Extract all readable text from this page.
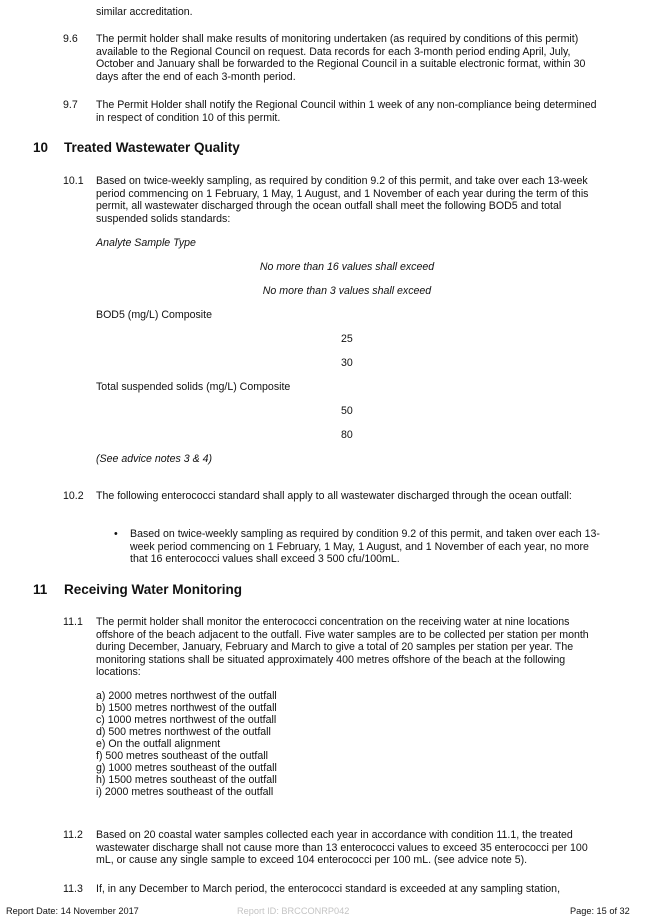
similar accreditation.
9.6 The permit holder shall make results of monitoring undertaken (as required by conditions of this permit) available to the Regional Council on request. Data records for each 3-month period ending April, July, October and January shall be forwarded to the Regional Council in a suitable electronic format, within 30 days after the end of each 3-month period.
9.7 The Permit Holder shall notify the Regional Council within 1 week of any non-compliance being determined in respect of condition 10 of this permit.
10 Treated Wastewater Quality
10.1 Based on twice-weekly sampling, as required by condition 9.2 of this permit, and take over each 13-week period commencing on 1 February, 1 May, 1 August, and 1 November of each year during the term of this permit, all wastewater discharged through the ocean outfall shall meet the following BOD5 and total suspended solids standards:
Analyte Sample Type
No more than 16 values shall exceed
No more than 3 values shall exceed
BOD5 (mg/L) Composite
25
30
Total suspended solids (mg/L) Composite
50
80
(See advice notes 3 & 4)
10.2 The following enterococci standard shall apply to all wastewater discharged through the ocean outfall:
• Based on twice-weekly sampling as required by condition 9.2 of this permit, and taken over each 13-week period commencing on 1 February, 1 May, 1 August, and 1 November of each year, no more that 16 enterococci values shall exceed 3 500 cfu/100mL.
11 Receiving Water Monitoring
11.1 The permit holder shall monitor the enterococci concentration on the receiving water at nine locations offshore of the beach adjacent to the outfall. Five water samples are to be collected per station per month during December, January, February and March to give a total of 20 samples per station per year. The monitoring stations shall be situated approximately 400 metres offshore of the beach at the following locations:
a) 2000 metres northwest of the outfall
b) 1500 metres northwest of the outfall
c) 1000 metres northwest of the outfall
d) 500 metres northwest of the outfall
e) On the outfall alignment
f) 500 metres southeast of the outfall
g) 1000 metres southeast of the outfall
h) 1500 metres southeast of the outfall
i) 2000 metres southeast of the outfall
11.2 Based on 20 coastal water samples collected each year in accordance with condition 11.1, the treated wastewater discharge shall not cause more than 13 enterococci values to exceed 35 enterococci per 100 mL, or cause any single sample to exceed 104 enterococci per 100 mL. (see advice note 5).
11.3 If, in any December to March period, the enterococci standard is exceeded at any sampling station,
Report Date: 14 November 2017	Report ID: BRCCONRP042	Page: 15 of 32
